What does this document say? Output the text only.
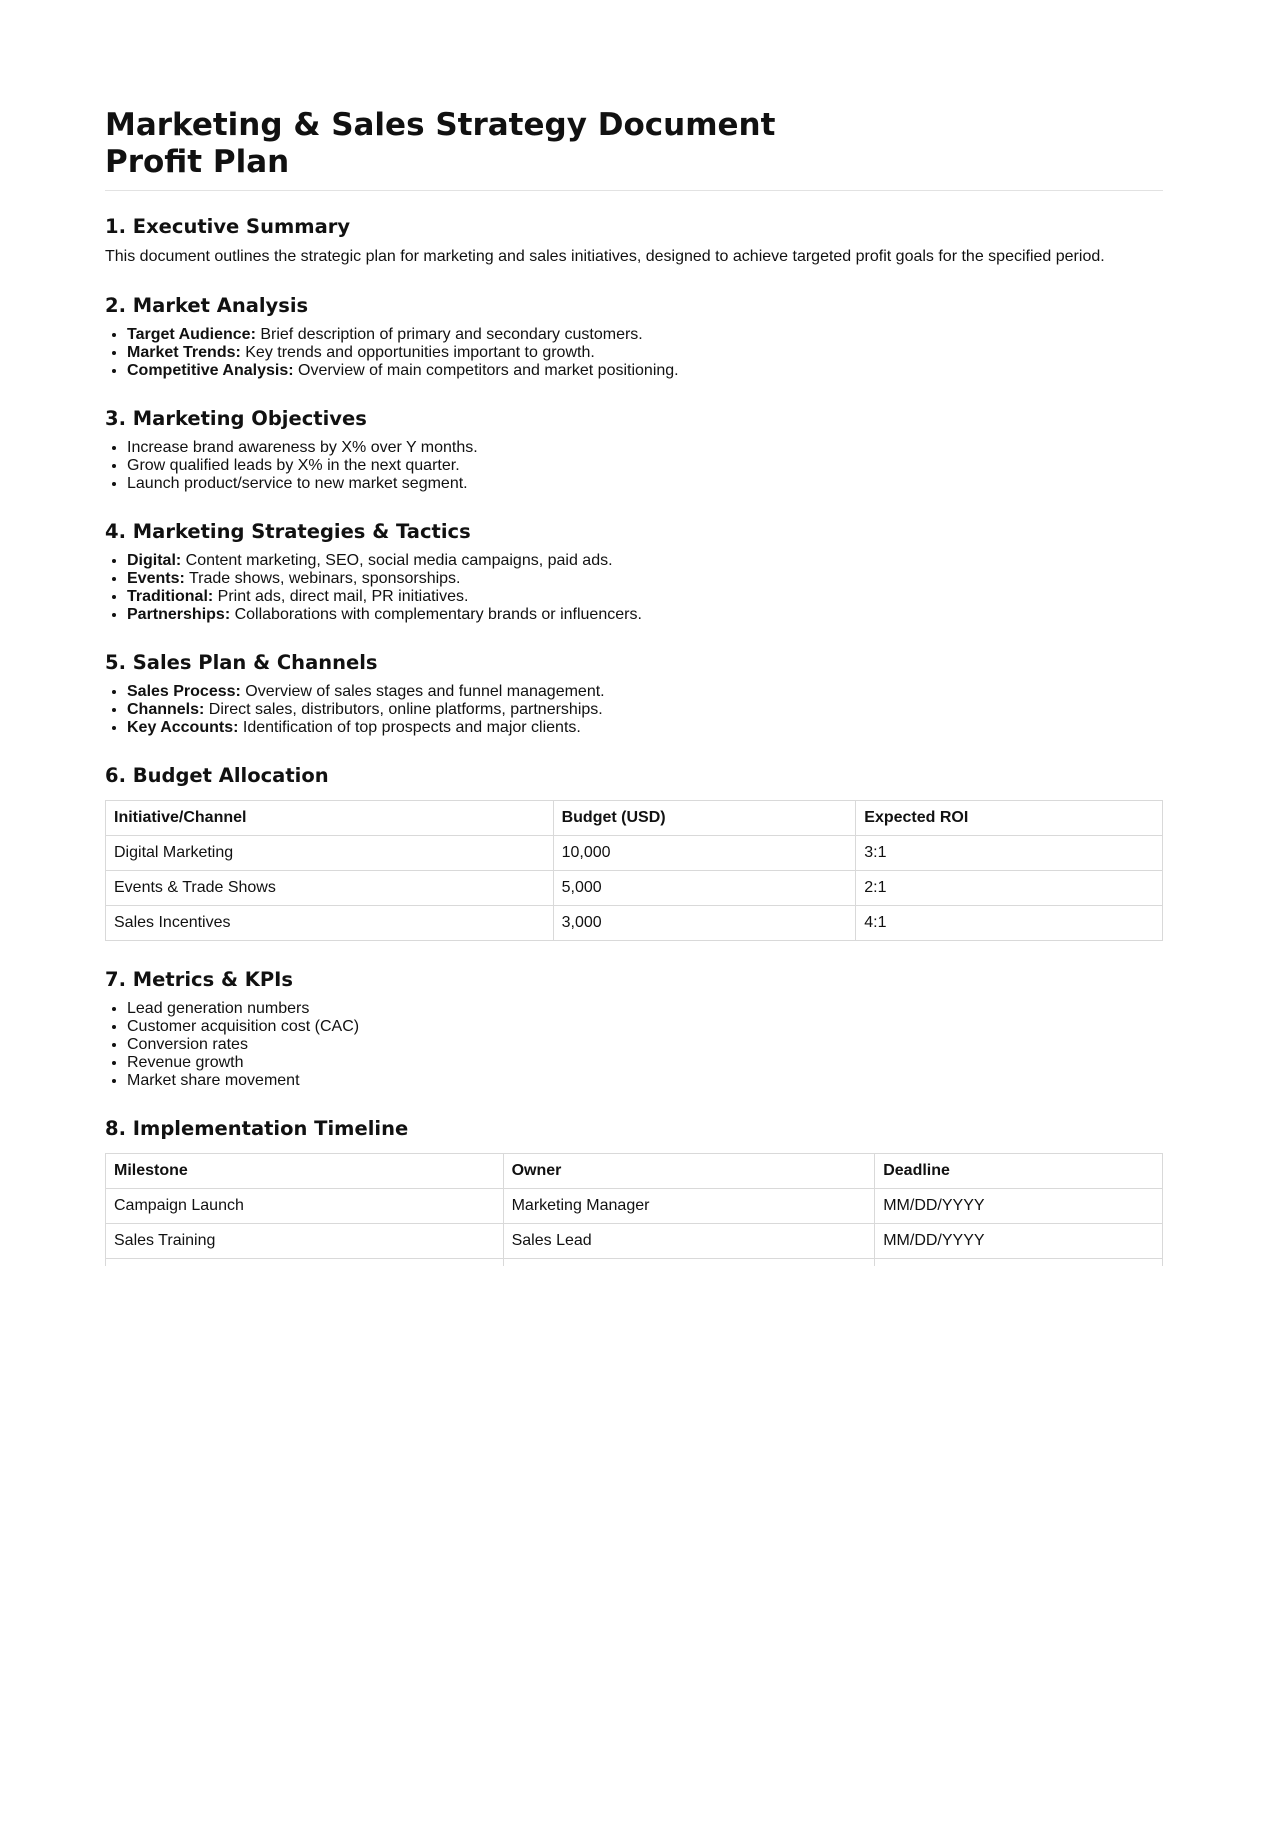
Marketing & Sales Strategy Document
Profit Plan
1. Executive Summary

This document outlines the strategic plan for marketing and sales initiatives, designed to achieve targeted profit goals for the specified period.

2. Market Analysis
• Target Audience: Brief description of primary and secondary customers.
• Market Trends: Key trends and opportunities important to growth.
• Competitive Analysis: Overview of main competitors and market positioning.
3. Marketing Objectives
• Increase brand awareness by X% over Y months.
• Grow qualified leads by X% in the next quarter.
• Launch product/service to new market segment.
4. Marketing Strategies & Tactics
• Digital: Content marketing, SEO, social media campaigns, paid ads.
• Events: Trade shows, webinars, sponsorships.
• Traditional: Print ads, direct mail, PR initiatives.
• Partnerships: Collaborations with complementary brands or influencers.
5. Sales Plan & Channels
• Sales Process: Overview of sales stages and funnel management.
• Channels: Direct sales, distributors, online platforms, partnerships.
• Key Accounts: Identification of top prospects and major clients.
6. Budget Allocation
Initiative/Channel	Budget (USD)	Expected ROI
Digital Marketing	10,000	3:1
Events & Trade Shows	5,000	2:1
Sales Incentives	3,000	4:1
7. Metrics & KPIs
• Lead generation numbers
• Customer acquisition cost (CAC)
• Conversion rates
• Revenue growth
• Market share movement
8. Implementation Timeline
Milestone	Owner	Deadline
Campaign Launch	Marketing Manager	MM/DD/YYYY
Sales Training	Sales Lead	MM/DD/YYYY
